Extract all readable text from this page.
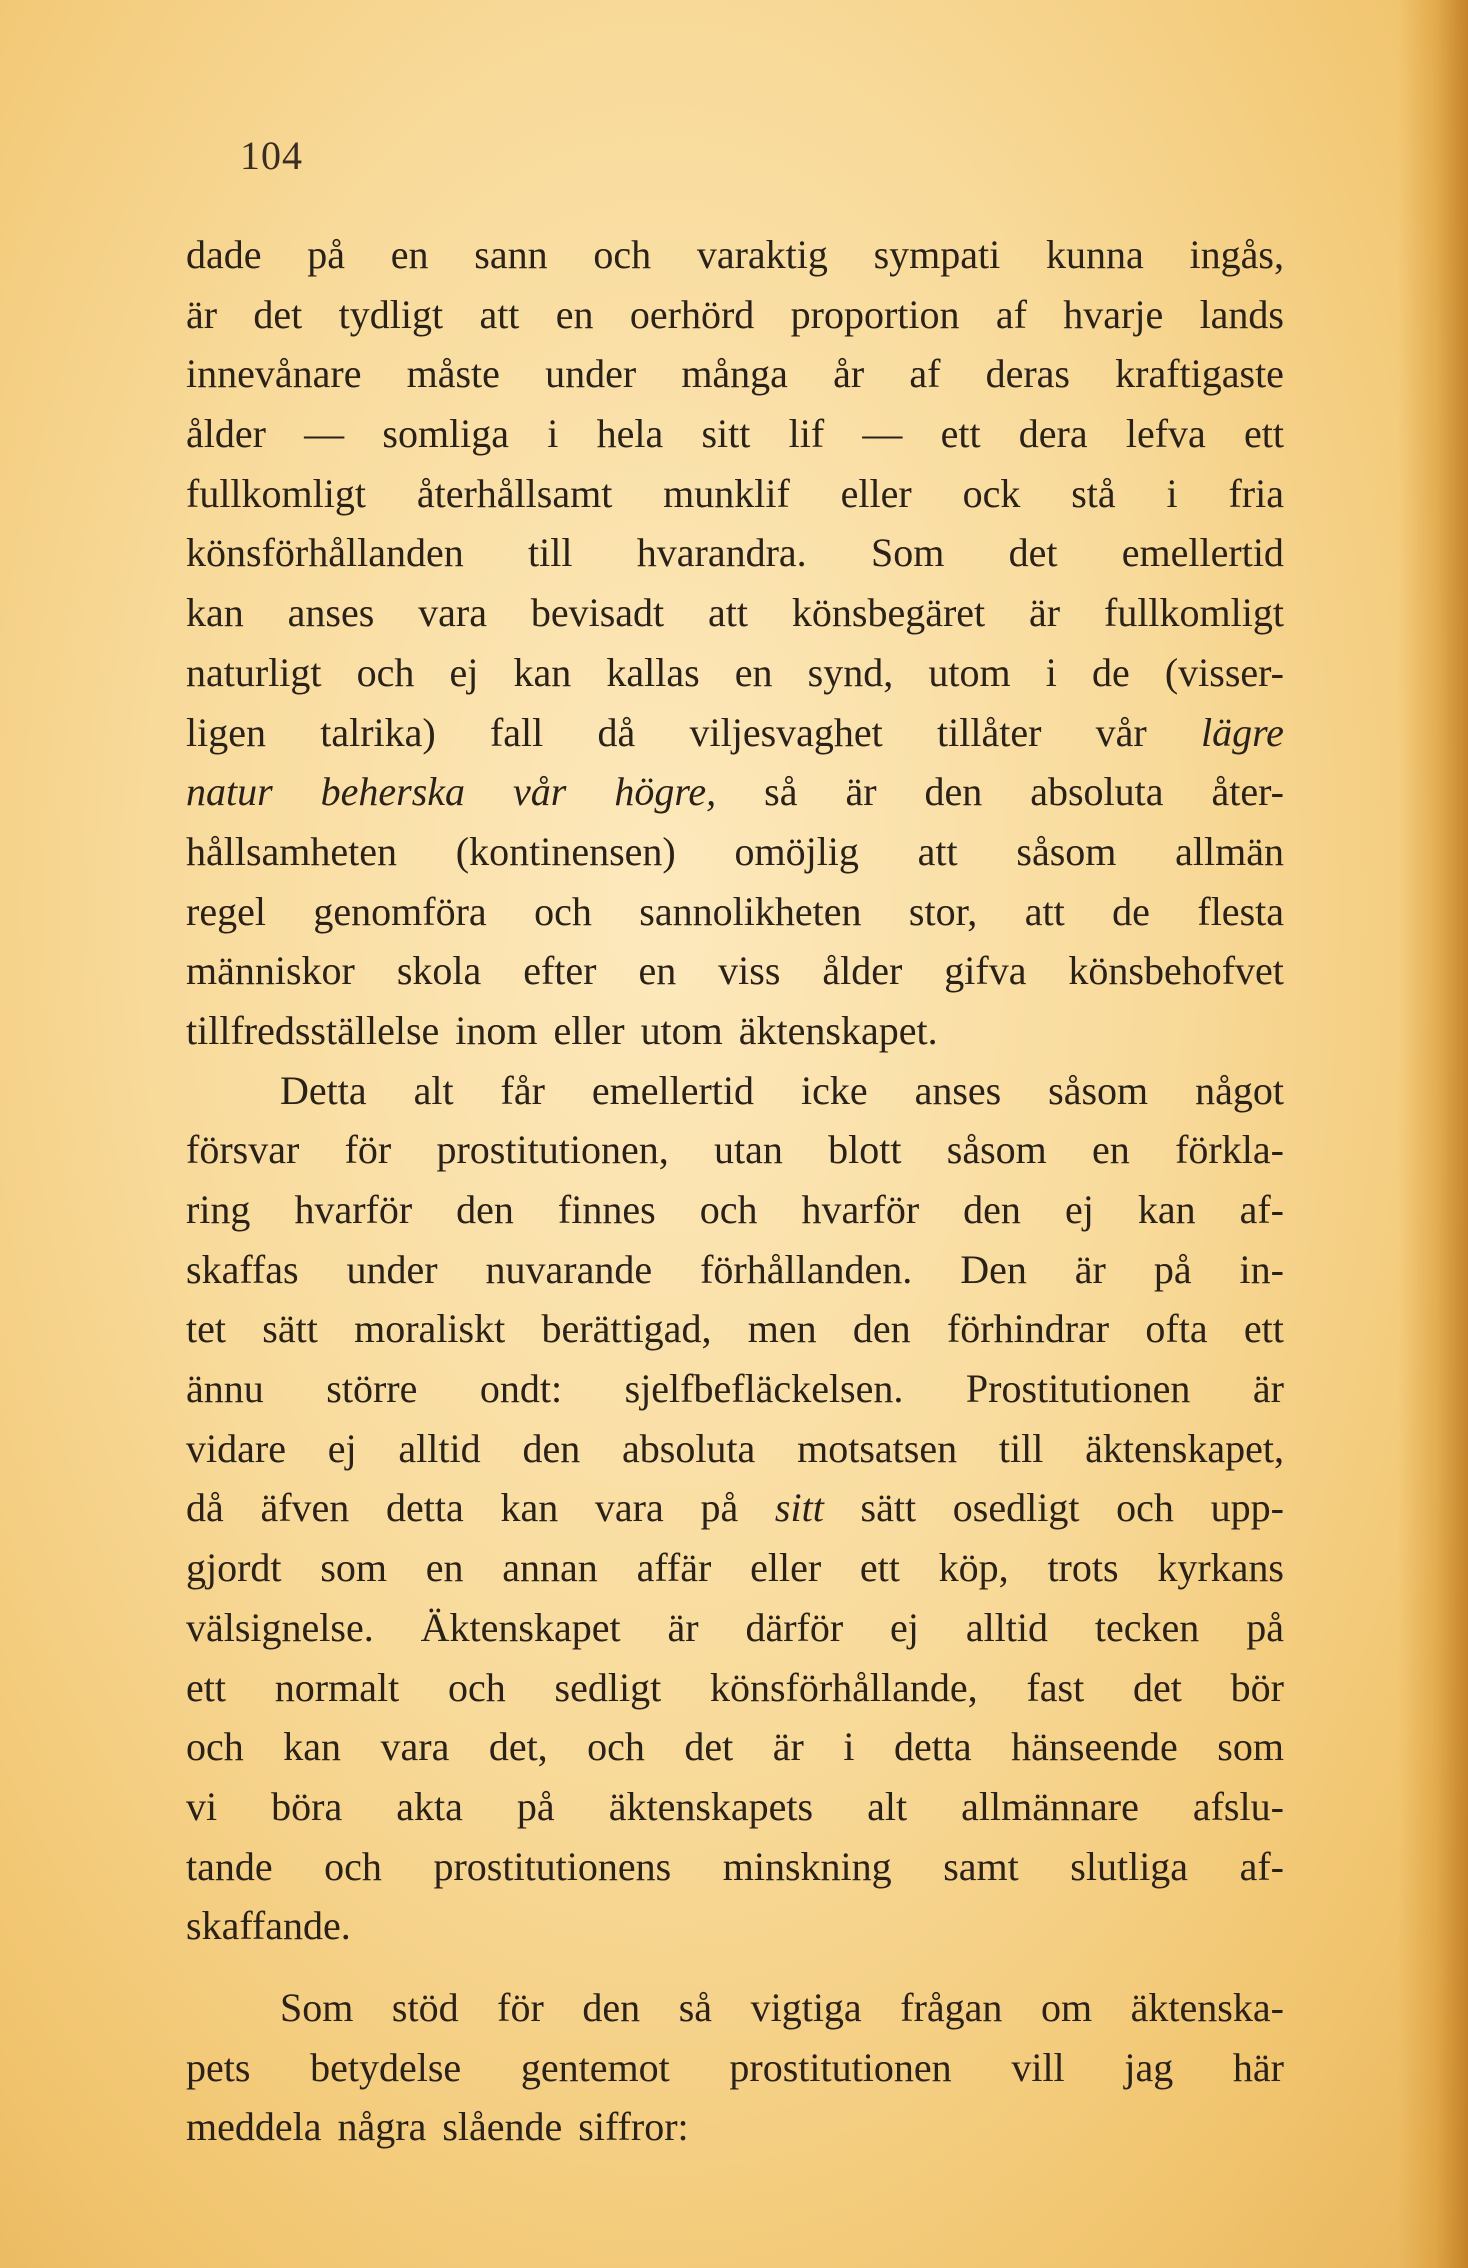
104
dade på en sann och varaktig sympati kunna ingås,
är det tydligt att en oerhörd proportion af hvarje lands
innevånare måste under många år af deras kraftigaste
ålder — somliga i hela sitt lif — ett dera lefva ett
fullkomligt återhållsamt munklif eller ock stå i fria
könsförhållanden till hvarandra. Som det emellertid
kan anses vara bevisadt att könsbegäret är fullkomligt
naturligt och ej kan kallas en synd, utom i de (visser-
ligen talrika) fall då viljesvaghet tillåter vår lägre
natur beherska vår högre, så är den absoluta åter-
hållsamheten (kontinensen) omöjlig att såsom allmän
regel genomföra och sannolikheten stor, att de flesta
människor skola efter en viss ålder gifva könsbehofvet
tillfredsställelse inom eller utom äktenskapet.
Detta alt får emellertid icke anses såsom något
försvar för prostitutionen, utan blott såsom en förkla-
ring hvarför den finnes och hvarför den ej kan af-
skaffas under nuvarande förhållanden. Den är på in-
tet sätt moraliskt berättigad, men den förhindrar ofta ett
ännu större ondt: sjelfbefläckelsen. Prostitutionen är
vidare ej alltid den absoluta motsatsen till äktenskapet,
då äfven detta kan vara på sitt sätt osedligt och upp-
gjordt som en annan affär eller ett köp, trots kyrkans
välsignelse. Äktenskapet är därför ej alltid tecken på
ett normalt och sedligt könsförhållande, fast det bör
och kan vara det, och det är i detta hänseende som
vi böra akta på äktenskapets alt allmännare afslu-
tande och prostitutionens minskning samt slutliga af-
skaffande.
Som stöd för den så vigtiga frågan om äktenska-
pets betydelse gentemot prostitutionen vill jag här
meddela några slående siffror:
